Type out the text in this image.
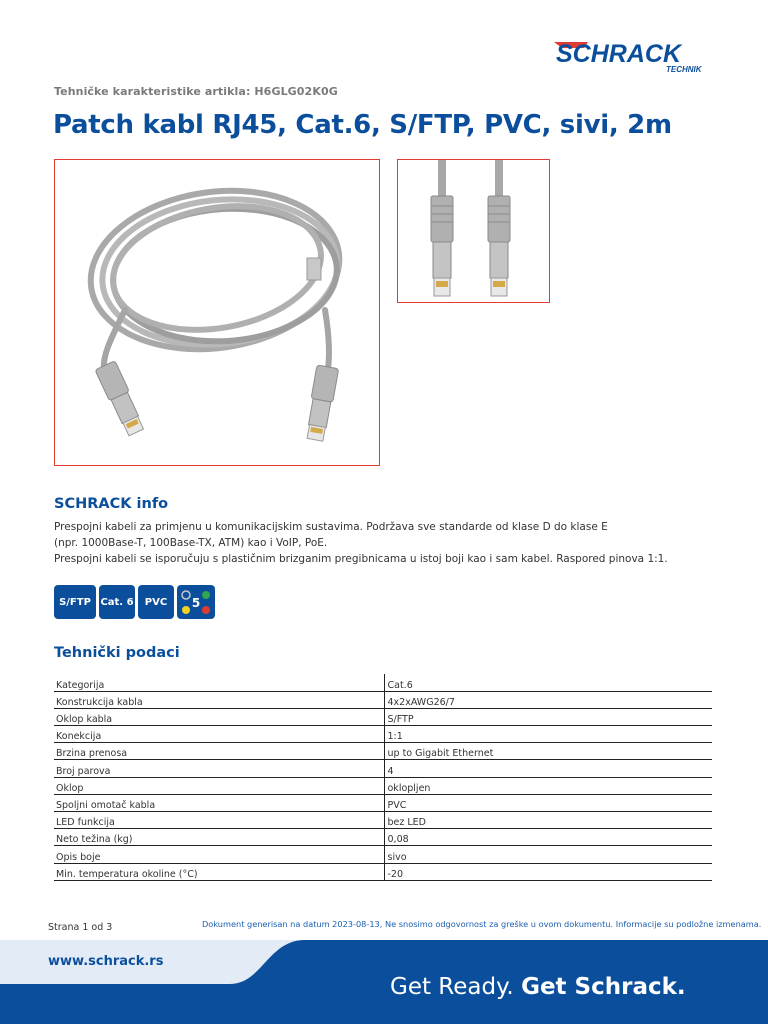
SCHRACK
TECHNIK
Tehničke karakteristike artikla: H6GLG02K0G
Patch kabl RJ45, Cat.6, S/FTP, PVC, sivi, 2m
SCHRACK info

Prespojni kabeli za primjenu u komunikacijskim sustavima. Podržava sve standarde od klase D do klase E

(npr. 1000Base-T, 100Base-TX, ATM) kao i VoIP, PoE.

Prespojni kabeli se isporučuju s plastičnim brizganim pregibnicama u istoj boji kao i sam kabel. Raspored pinova 1:1.

S/FTP Cat. 6	PVC	5
Tehnički podaci
Kategorija	Cat.6
Konstrukcija kabla	4x2xAWG26/7
Oklop kabla	S/FTP
Konekcija	1:1
Brzina prenosa	up to Gigabit Ethernet
Broj parova	4
Oklop	oklopljen
Spoljni omotač kabla	PVC
LED funkcija	bez LED
Neto težina (kg)	0,08
Opis boje	sivo
Min. temperatura okoline (°C)	-20
Strana 1 od 3	Dokument generisan na datum 2023-08-13, Ne snosimo odgovornost za greške u ovom dokumentu. Informacije su podložne izmenama.
www.schrack.rs
Get Ready. Get Schrack.
